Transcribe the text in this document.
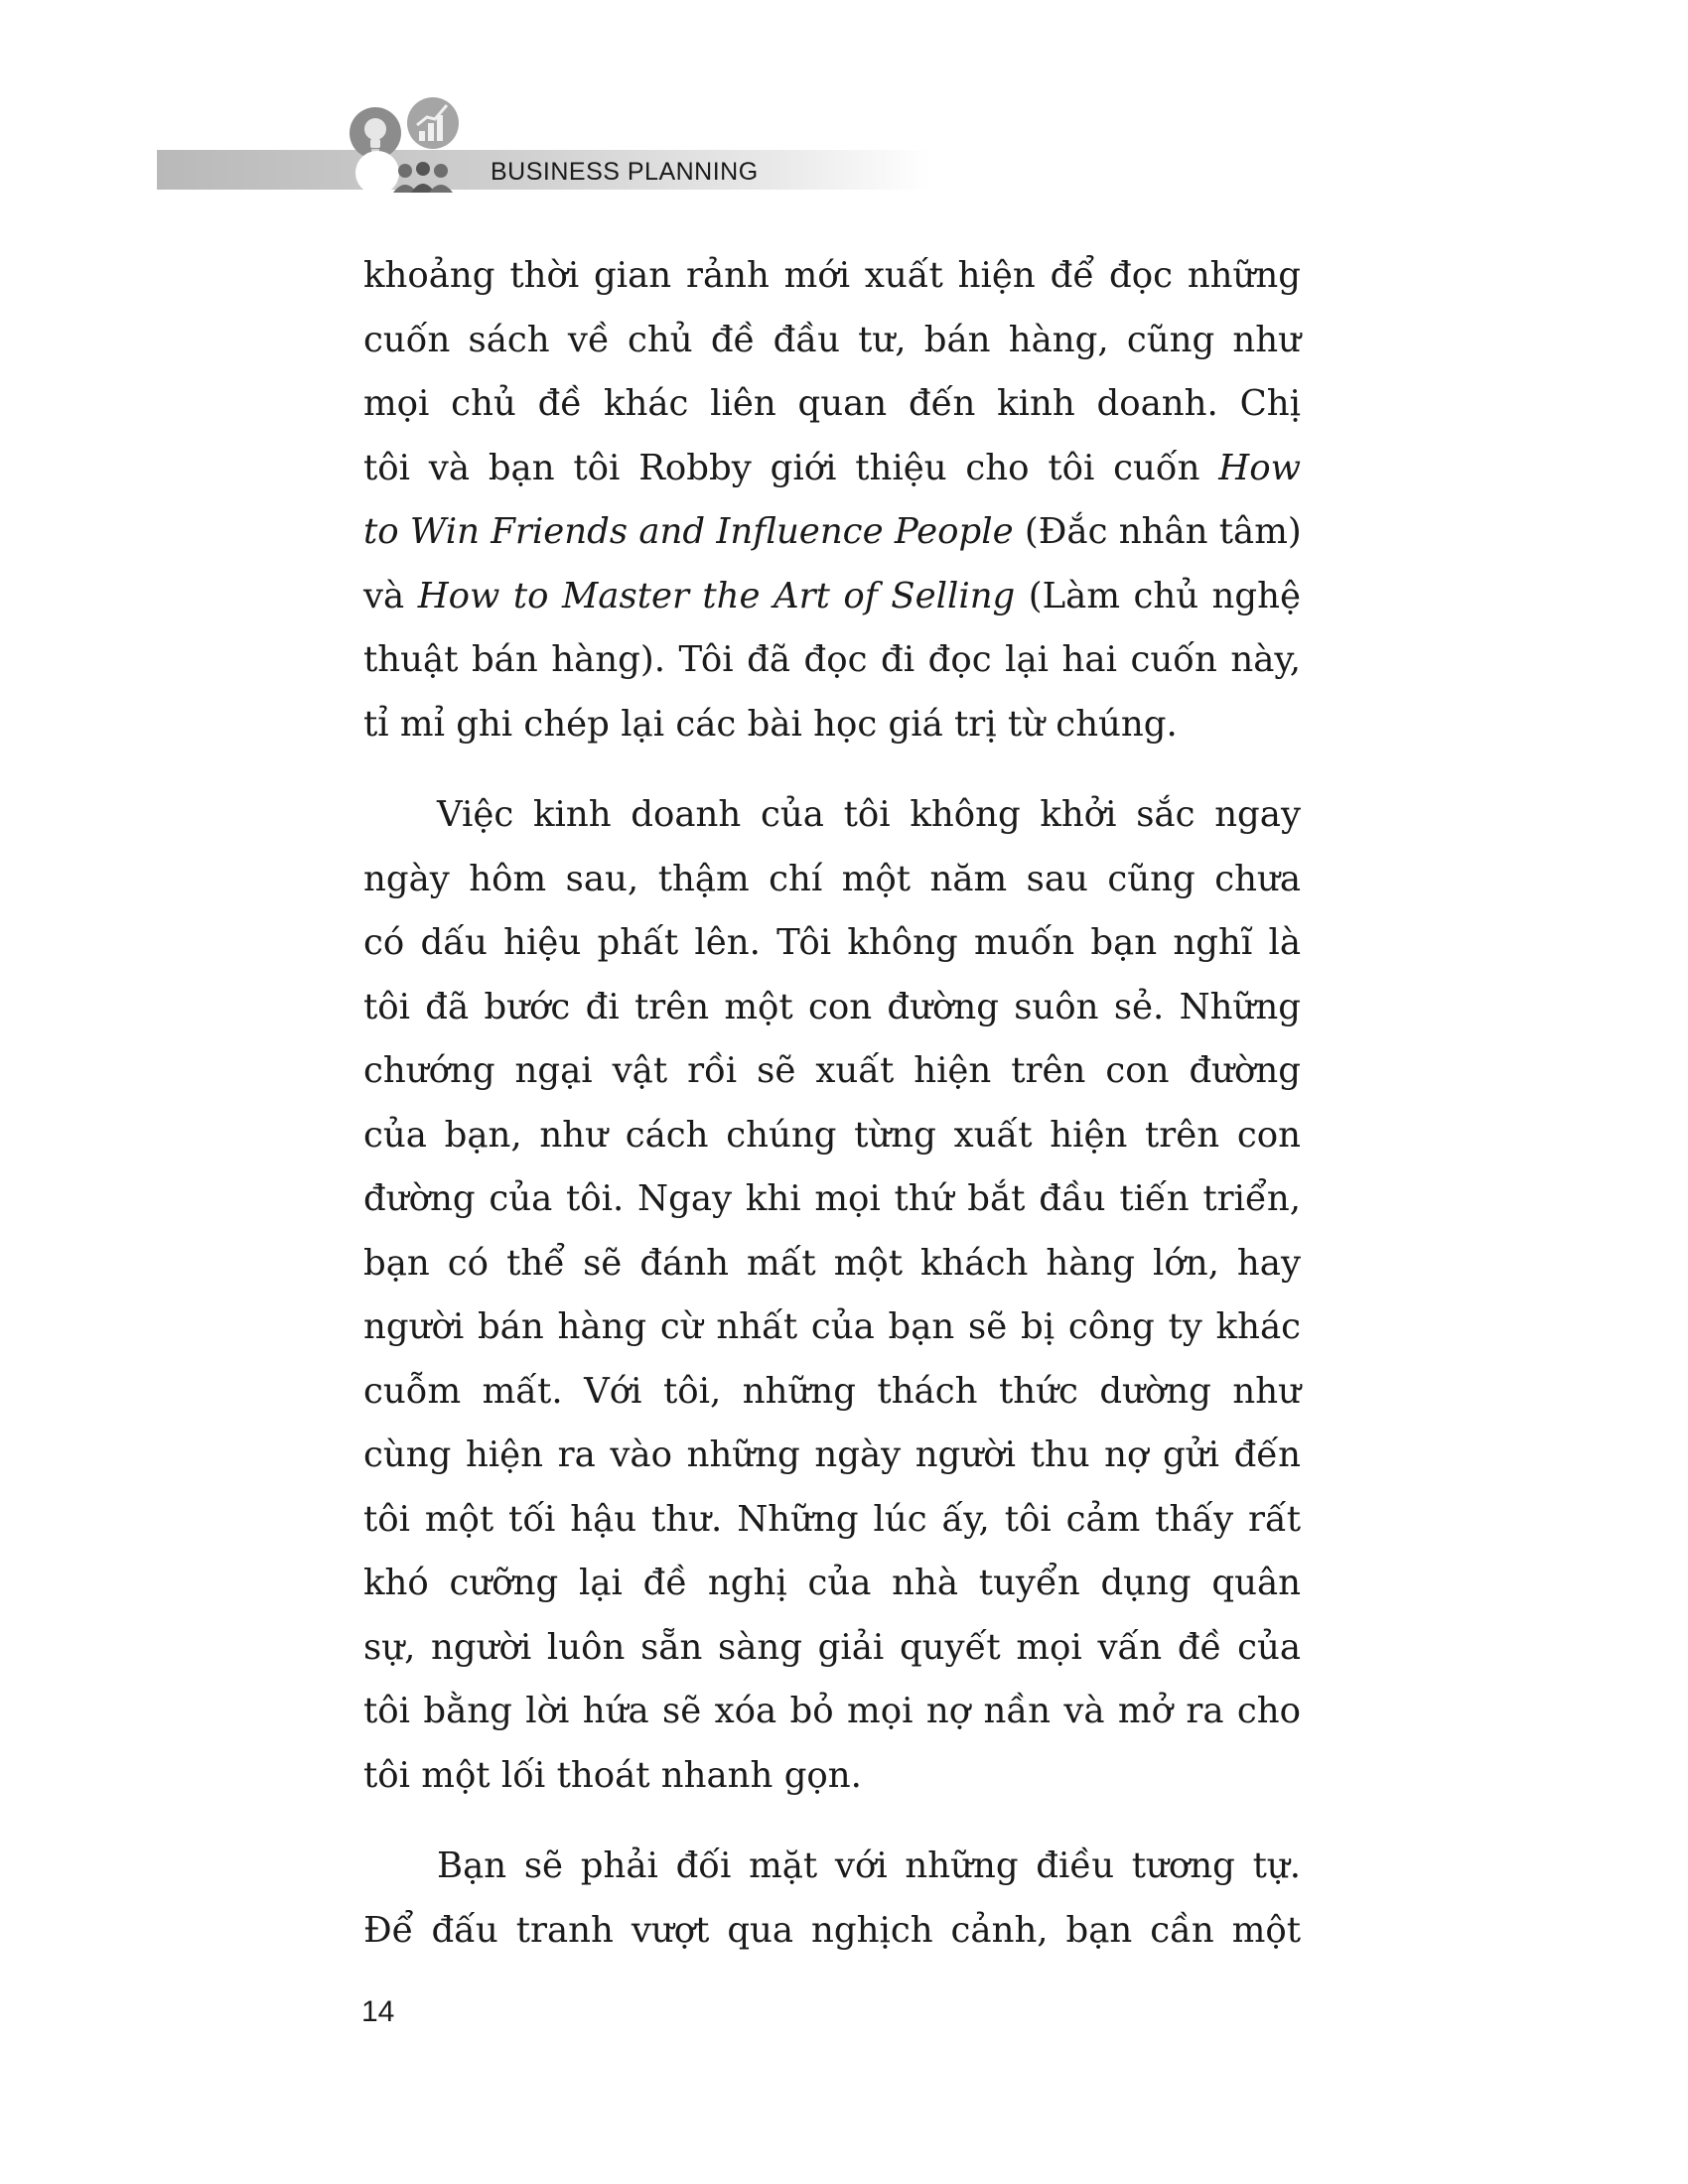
BUSINESS PLANNING
khoảng thời gian rảnh mới xuất hiện để đọc những
cuốn sách về chủ đề đầu tư, bán hàng, cũng như
mọi chủ đề khác liên quan đến kinh doanh. Chị
tôi và bạn tôi Robby giới thiệu cho tôi cuốn How
to Win Friends and Influence People (Đắc nhân tâm)
và How to Master the Art of Selling (Làm chủ nghệ
thuật bán hàng). Tôi đã đọc đi đọc lại hai cuốn này,
tỉ mỉ ghi chép lại các bài học giá trị từ chúng.
Việc kinh doanh của tôi không khởi sắc ngay
ngày hôm sau, thậm chí một năm sau cũng chưa
có dấu hiệu phất lên. Tôi không muốn bạn nghĩ là
tôi đã bước đi trên một con đường suôn sẻ. Những
chướng ngại vật rồi sẽ xuất hiện trên con đường
của bạn, như cách chúng từng xuất hiện trên con
đường của tôi. Ngay khi mọi thứ bắt đầu tiến triển,
bạn có thể sẽ đánh mất một khách hàng lớn, hay
người bán hàng cừ nhất của bạn sẽ bị công ty khác
cuỗm mất. Với tôi, những thách thức dường như
cùng hiện ra vào những ngày người thu nợ gửi đến
tôi một tối hậu thư. Những lúc ấy, tôi cảm thấy rất
khó cưỡng lại đề nghị của nhà tuyển dụng quân
sự, người luôn sẵn sàng giải quyết mọi vấn đề của
tôi bằng lời hứa sẽ xóa bỏ mọi nợ nần và mở ra cho
tôi một lối thoát nhanh gọn.
Bạn sẽ phải đối mặt với những điều tương tự.
Để đấu tranh vượt qua nghịch cảnh, bạn cần một
14
